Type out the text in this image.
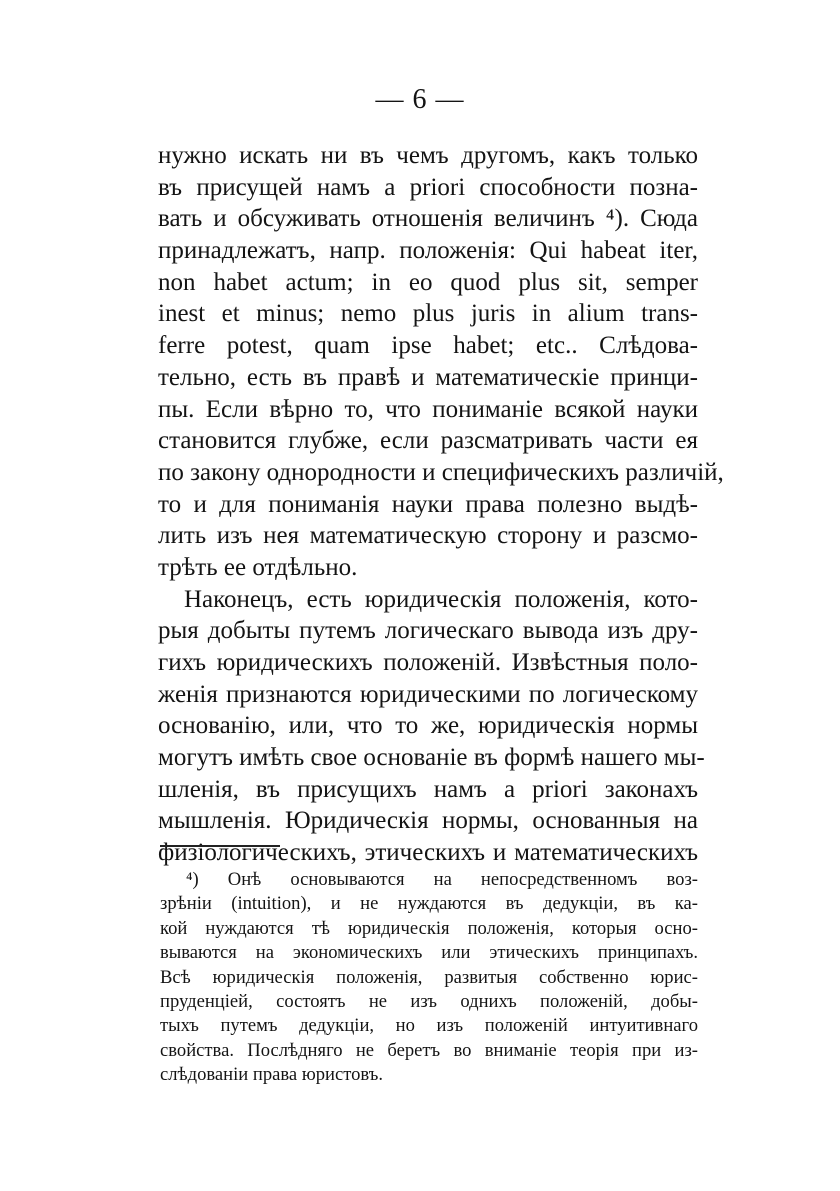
— 6 —
нужно искать ни въ чемъ другомъ, какъ только
въ присущей намъ a priori способности позна-
вать и обсуживать отношенія величинъ ⁴). Сюда
принадлежатъ, напр. положенія: Qui habeat iter,
non habet actum; in eo quod plus sit, semper
inest et minus; nemo plus juris in alium trans-
ferre potest, quam ipse habet; etc.. Слѣдова-
тельно, есть въ правѣ и математическіе принци-
пы. Если вѣрно то, что пониманіе всякой науки
становится глубже, если разсматривать части ея
по закону однородности и специфическихъ различій,
то и для пониманія науки права полезно выдѣ-
лить изъ нея математическую сторону и разсмо-
трѣть ее отдѣльно.
Наконецъ, есть юридическія положенія, кото-
рыя добыты путемъ логическаго вывода изъ дру-
гихъ юридическихъ положеній. Извѣстныя поло-
женія признаются юридическими по логическому
основанію, или, что то же, юридическія нормы
могутъ имѣть свое основаніе въ формѣ нашего мы-
шленія, въ присущихъ намъ a priori законахъ
мышленія. Юридическія нормы, основанныя на
физіологическихъ, этическихъ и математическихъ
⁴) Онѣ основываются на непосредственномъ воз-
зрѣніи (intuition), и не нуждаются въ дедукціи, въ ка-
кой нуждаются тѣ юридическія положенія, которыя осно-
вываются на экономическихъ или этическихъ принципахъ.
Всѣ юридическія положенія, развитыя собственно юрис-
пруденціей, состоятъ не изъ однихъ положеній, добы-
тыхъ путемъ дедукціи, но изъ положеній интуитивнаго
свойства. Послѣдняго не беретъ во вниманіе теорія при из-
слѣдованіи права юристовъ.
